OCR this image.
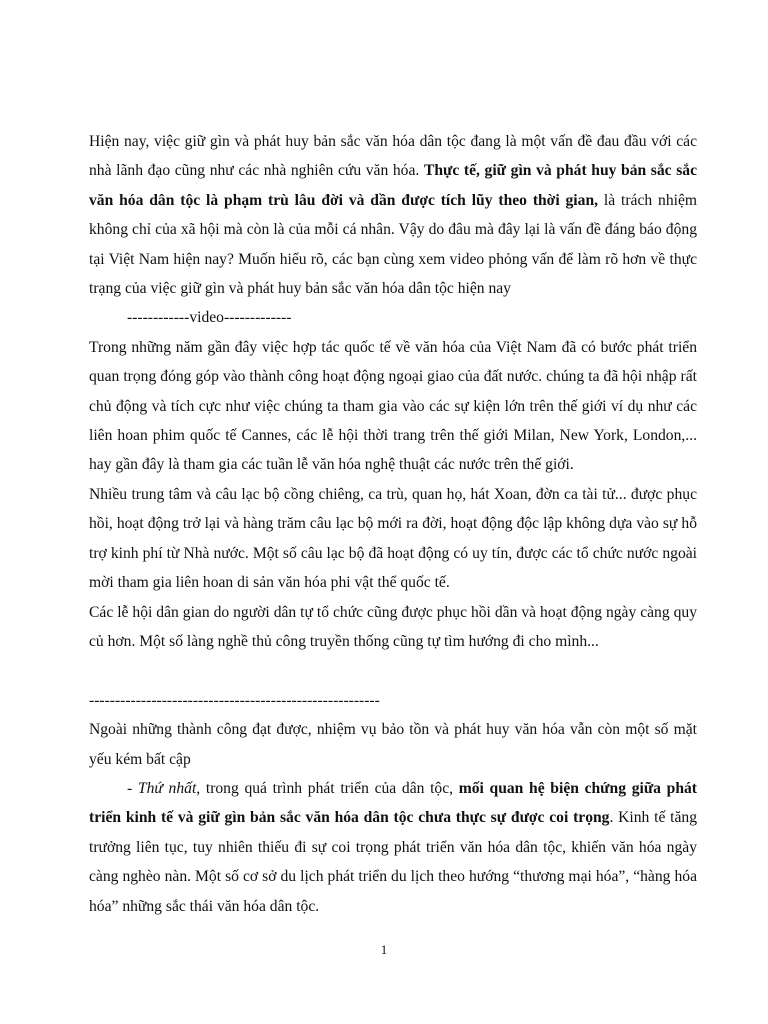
Hiện nay, việc giữ gìn và phát huy bản sắc văn hóa dân tộc đang là một vấn đề đau đầu với các nhà lãnh đạo cũng như các nhà nghiên cứu văn hóa. Thực tế, giữ gìn và phát huy bản sắc sắc văn hóa dân tộc là phạm trù lâu đời và dần được tích lũy theo thời gian, là trách nhiệm không chỉ của xã hội mà còn là của mỗi cá nhân. Vậy do đâu mà đây lại là vấn đề đáng báo động tại Việt Nam hiện nay? Muốn hiểu rõ, các bạn cùng xem video phỏng vấn để làm rõ hơn về thực trạng của việc giữ gìn và phát huy bản sắc văn hóa dân tộc hiện nay

------------video-------------

Trong những năm gần đây việc hợp tác quốc tế về văn hóa của Việt Nam đã có bước phát triển quan trọng đóng góp vào thành công hoạt động ngoại giao của đất nước. chúng ta đã hội nhập rất chủ động và tích cực như việc chúng ta tham gia vào các sự kiện lớn trên thế giới ví dụ như các liên hoan phim quốc tế Cannes, các lễ hội thời trang trên thế giới Milan, New York, London,... hay gần đây là tham gia các tuần lễ văn hóa nghệ thuật các nước trên thế giới.

Nhiều trung tâm và câu lạc bộ cồng chiêng, ca trù, quan họ, hát Xoan, đờn ca tài tử... được phục hồi, hoạt động trở lại và hàng trăm câu lạc bộ mới ra đời, hoạt động độc lập không dựa vào sự hỗ trợ kinh phí từ Nhà nước. Một số câu lạc bộ đã hoạt động có uy tín, được các tổ chức nước ngoài mời tham gia liên hoan di sản văn hóa phi vật thể quốc tế.

Các lễ hội dân gian do người dân tự tổ chức cũng được phục hồi dần và hoạt động ngày càng quy củ hơn. Một số làng nghề thủ công truyền thống cũng tự tìm hướng đi cho mình...

--------------------------------------------------------

Ngoài những thành công đạt được, nhiệm vụ bảo tồn và phát huy văn hóa vẫn còn một số mặt yếu kém bất cập

- Thứ nhất, trong quá trình phát triển của dân tộc, mối quan hệ biện chứng giữa phát triển kinh tế và giữ gìn bản sắc văn hóa dân tộc chưa thực sự được coi trọng. Kinh tế tăng trưởng liên tục, tuy nhiên thiếu đi sự coi trọng phát triển văn hóa dân tộc, khiến văn hóa ngày càng nghèo nàn. Một số cơ sở du lịch phát triển du lịch theo hướng “thương mại hóa”, “hàng hóa hóa” những sắc thái văn hóa dân tộc.

1
